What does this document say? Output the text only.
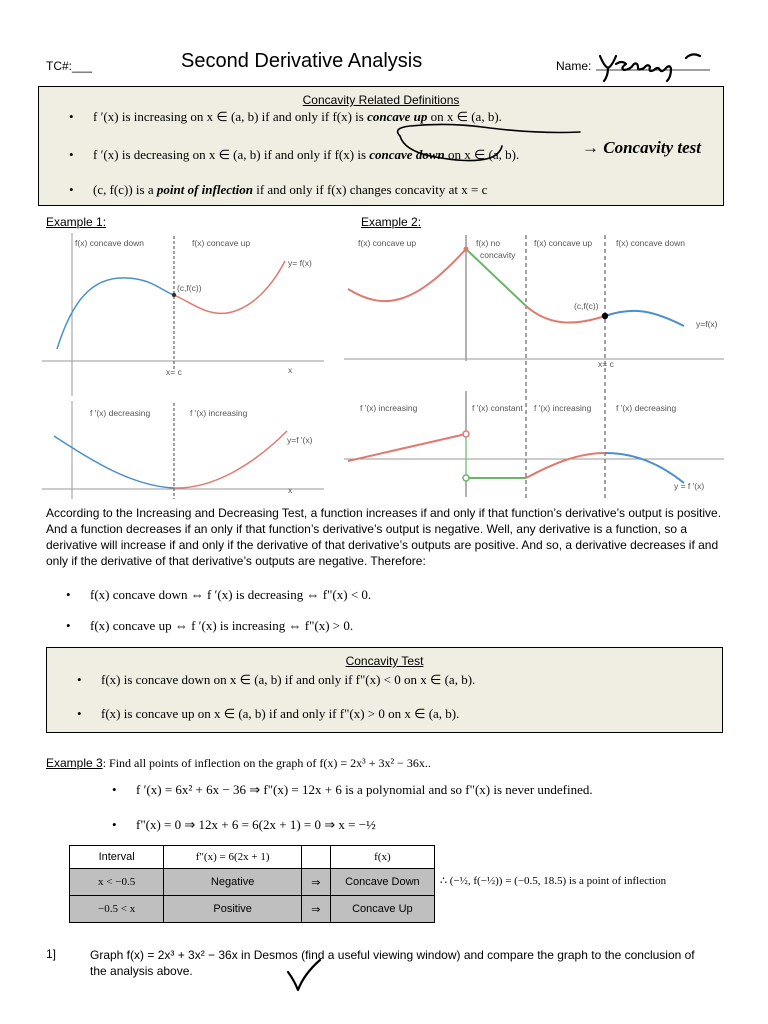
TC#:___	Second Derivative Analysis	Name:
Concavity Related Definitions
• f ′(x) is increasing on x ∈ (a, b) if and only if f(x) is concave up on x ∈ (a, b).
• f ′(x) is decreasing on x ∈ (a, b) if and only if f(x) is concave down on x ∈ (a, b).
• (c, f(c)) is a point of inflection if and only if f(x) changes concavity at x = c
→ Concavity test
Example 1:	Example 2:
f(x) concave down	f(x) concave up
y= f(x)
(c,f(c))
x= c	x
f ′(x) decreasing	f ′(x) increasing
y=f ′(x)
x
f(x) concave up	f(x) no
concavity
f(x) concave up	f(x) concave down
(c,f(c))
y=f(x)
x= c
f ′(x) increasing	f ′(x) constant f ′(x) increasing	f ′(x) decreasing
y = f ′(x)
According to the Increasing and Decreasing Test, a function increases if and only if that function’s derivative’s output is positive. And a function decreases if an only if that function’s derivative’s output is negative. Well, any derivative is a function, so a derivative will increase if and only if the derivative of that derivative’s outputs are positive. And so, a derivative decreases if and only if the derivative of that derivative’s outputs are negative. Therefore:
• f(x) concave down ⇔ f ′(x) is decreasing ⇔ f"(x) < 0.
• f(x) concave up ⇔ f ′(x) is increasing ⇔ f"(x) > 0.
Concavity Test
• f(x) is concave down on x ∈ (a, b) if and only if f"(x) < 0 on x ∈ (a, b).
• f(x) is concave up on x ∈ (a, b) if and only if f"(x) > 0 on x ∈ (a, b).
Example 3: Find all points of inflection on the graph of f(x) = 2x³ + 3x² − 36x..
• f ′(x) = 6x² + 6x − 36 ⇒ f"(x) = 12x + 6 is a polynomial and so f"(x) is never undefined.
• f"(x) = 0 ⇒ 12x + 6 = 6(2x + 1) = 0 ⇒ x = −½
Interval	f"(x) = 6(2x + 1)		f(x)
x < −0.5	Negative	⇒	Concave Down
−0.5 < x	Positive	⇒	Concave Up
∴ (−½, f(−½)) = (−0.5, 18.5) is a point of inflection
1]	Graph f(x) = 2x³ + 3x² − 36x in Desmos (find a useful viewing window) and compare the graph to the conclusion of the analysis above.
